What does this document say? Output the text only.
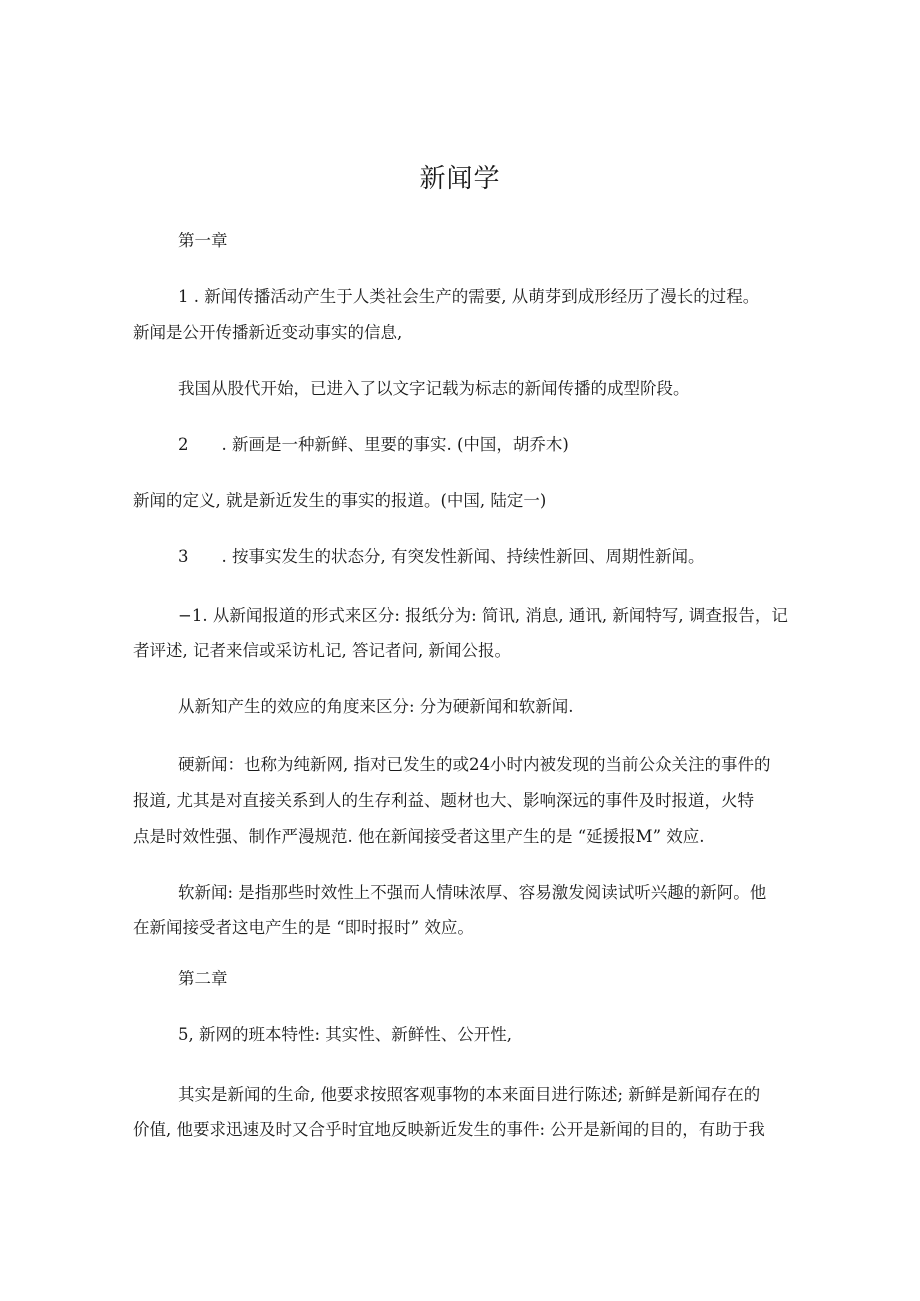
新闻学
第一章
1 . 新闻传播活动产生于人类社会生产的需要, 从萌芽到成形经历了漫长的过程。
新闻是公开传播新近变动事实的信息,
我国从股代开始，已进入了以文字记载为标志的新闻传播的成型阶段。
2　　. 新画是一种新鲜、里要的事实. (中国，胡乔木)
新闻的定义, 就是新近发生的事实的报道。(中国, 陆定一)
3　　. 按事实发生的状态分, 有突发性新闻、持续性新回、周期性新闻。
−1. 从新闻报道的形式来区分: 报纸分为: 简讯, 消息, 通讯, 新闻特写, 调查报告，记
者评述, 记者来信或采访札记, 答记者问, 新闻公报。
从新知产生的效应的角度来区分: 分为硬新闻和软新闻.
硬新闻：也称为纯新网, 指对已发生的或24小时内被发现的当前公众关注的事件的
报道, 尤其是对直接关系到人的生存利益、题材也大、影响深远的事件及时报道，火特
点是时效性强、制作严漫规范. 他在新闻接受者这里产生的是 “延援报M” 效应.
软新闻: 是指那些时效性上不强而人情味浓厚、容易激发阅读试听兴趣的新阿。他
在新闻接受者这电产生的是 “即时报时” 效应。
第二章
5, 新网的班本特性: 其实性、新鲜性、公开性,
其实是新闻的生命, 他要求按照客观事物的本来面目进行陈述; 新鲜是新闻存在的
价值, 他要求迅速及时又合乎时宜地反映新近发生的事件: 公开是新闻的目的，有助于我
